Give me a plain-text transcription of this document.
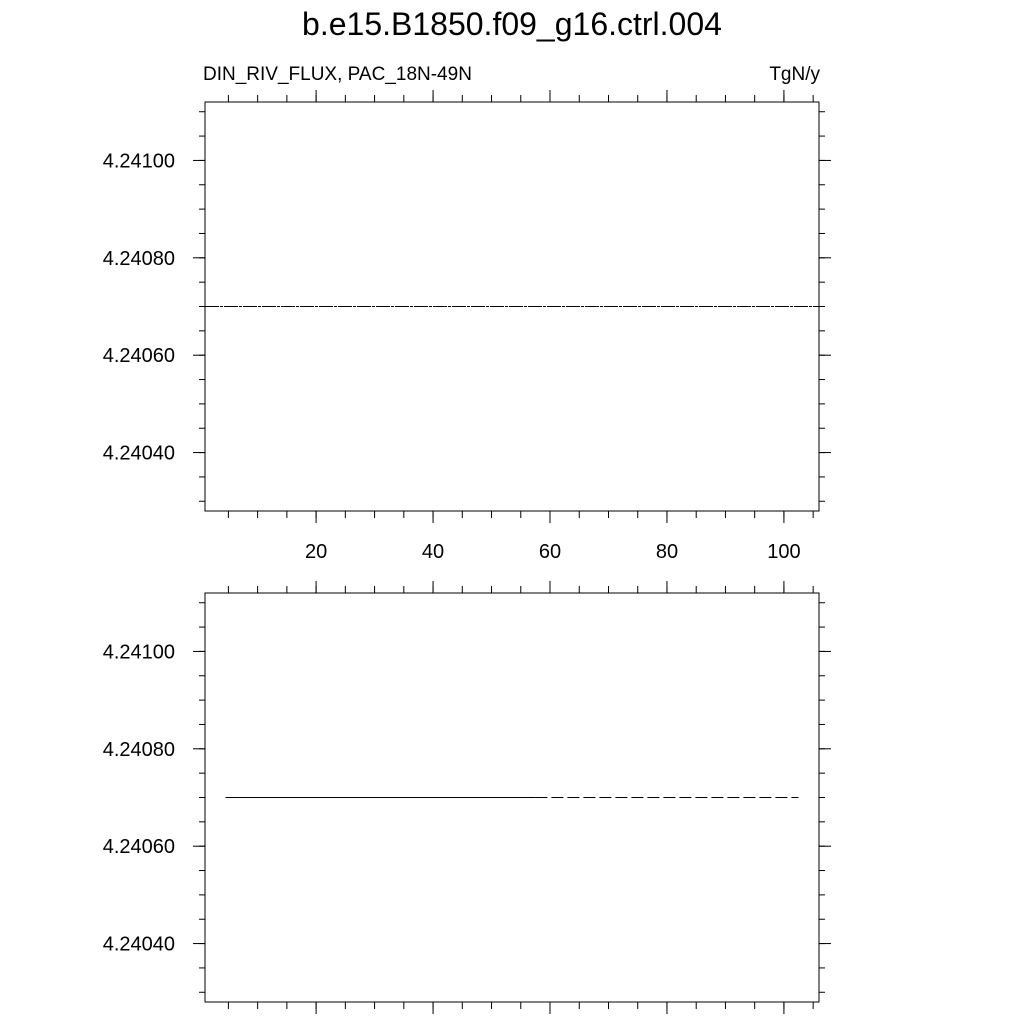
b.e15.B1850.f09_g16.ctrl.004
DIN_RIV_FLUX, PAC_18N-49N	TgN/y
4.24040
4.24060
4.24080
4.24100
20	40	60	80	100
4.24040
4.24060
4.24080
4.24100
